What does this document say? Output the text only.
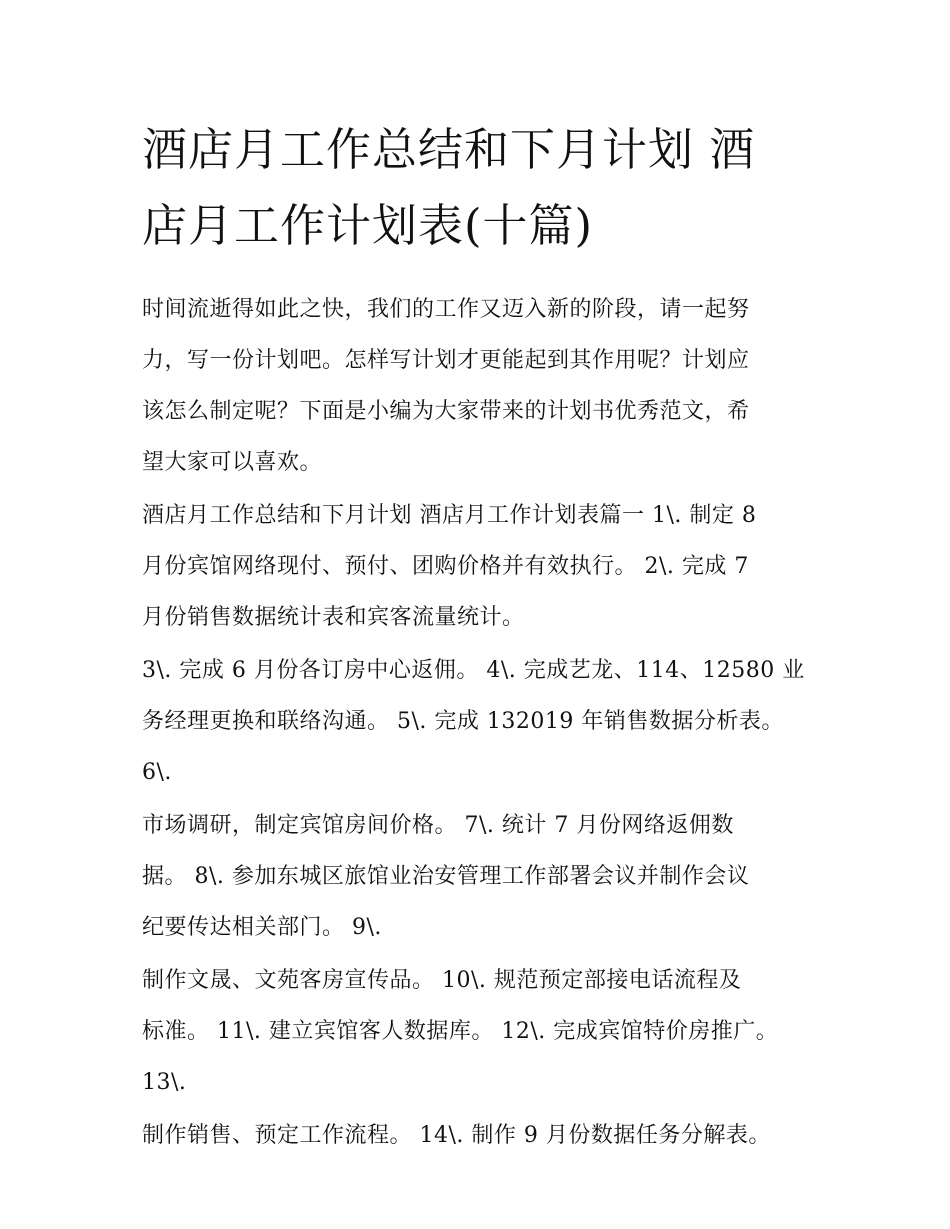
酒店月工作总结和下月计划 酒
店月工作计划表(十篇)

时间流逝得如此之快，我们的工作又迈入新的阶段，请一起努
力，写一份计划吧。怎样写计划才更能起到其作用呢？计划应
该怎么制定呢？下面是小编为大家带来的计划书优秀范文，希
望大家可以喜欢。

酒店月工作总结和下月计划 酒店月工作计划表篇一 1\. 制定 8
月份宾馆网络现付、预付、团购价格并有效执行。 2\. 完成 7
月份销售数据统计表和宾客流量统计。

3\. 完成 6 月份各订房中心返佣。 4\. 完成艺龙、114、12580 业
务经理更换和联络沟通。 5\. 完成 132019 年销售数据分析表。
6\.

市场调研，制定宾馆房间价格。 7\. 统计 7 月份网络返佣数
据。 8\. 参加东城区旅馆业治安管理工作部署会议并制作会议
纪要传达相关部门。 9\.

制作文晟、文苑客房宣传品。 10\. 规范预定部接电话流程及
标准。 11\. 建立宾馆客人数据库。 12\. 完成宾馆特价房推广。
13\.

制作销售、预定工作流程。 14\. 制作 9 月份数据任务分解表。
